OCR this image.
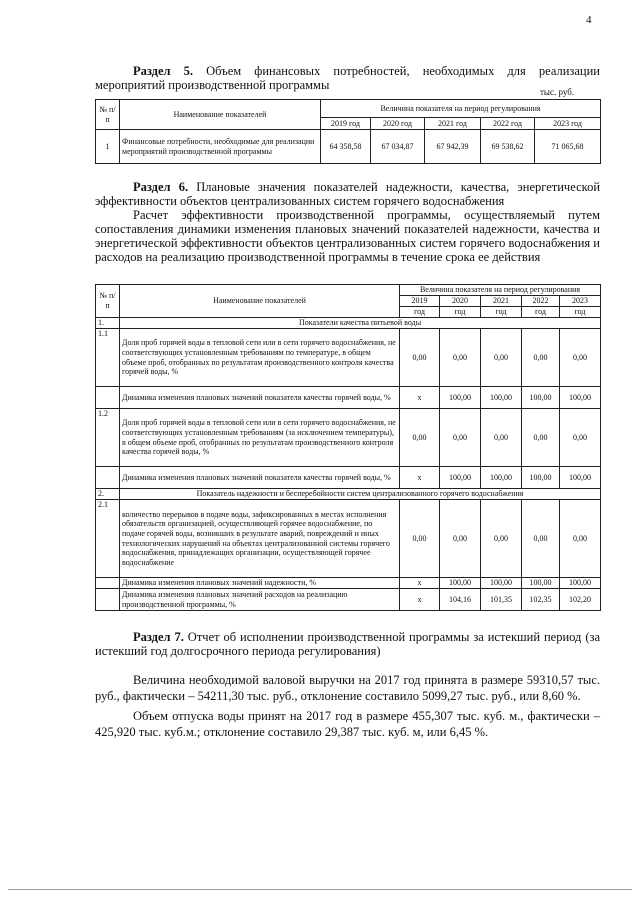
4

Раздел 5. Объем финансовых потребностей, необходимых для реализации мероприятий производственной программы	тыс. руб.
№ п/п	Наименование показателей	Величина показателя на период регулирования				
		2019 год	2020 год	2021 год	2022 год	2023 год
1	Финансовые потребности, необходимые для реализации мероприятий производственной программы	64 358,58	67 034,87	67 942,39	69 538,62	71 065,68

Раздел 6. Плановые значения показателей надежности, качества, энергетической эффективности объектов централизованных систем горячего водоснабжения

Расчет эффективности производственной программы, осуществляемый путем сопоставления динамики изменения плановых значений показателей надежности, качества и энергетической эффективности объектов централизованных систем горячего водоснабжения и расходов на реализацию производственной программы в течение срока ее действия

№ п/п	Наименование показателей	Величина показателя на период регулирования				
		2019	2020	2021	2022	2023
		год	год	год	год	год
1.	Показатели качества питьевой воды					
1.1	Доля проб горячей воды в тепловой сети или в сети горячего водоснабжения, не соответствующих установленным требованиям по температуре, в общем объеме проб, отобранных по результатам производственного контроля качества горячей воды, %	0,00	0,00	0,00	0,00	0,00
	Динамика изменения плановых значений показателя качества горячей воды, %	х	100,00	100,00	100,00	100,00
1.2	Доля проб горячей воды в тепловой сети или в сети горячего водоснабжения, не соответствующих установленным требованиям (за исключением температуры), в общем объеме проб, отобранных по результатам производственного контроля качества горячей воды, %	0,00	0,00	0,00	0,00	0,00
	Динамика изменения плановых значений показателя качества горячей воды, %	х	100,00	100,00	100,00	100,00
2.	Показатель надежности и бесперебойности систем централизованного горячего водоснабжения					
2.1	количество перерывов в подаче воды, зафиксированных в местах исполнения обязательств организацией, осуществляющей горячее водоснабжение, по подаче горячей воды, возникших в результате аварий, повреждений и иных технологических нарушений на объектах централизованной системы горячего водоснабжения, принадлежащих организации, осуществляющей горячее водоснабжение	0,00	0,00	0,00	0,00	0,00
	Динамика изменения плановых значений надежности, %	х	100,00	100,00	100,00	100,00
	Динамика изменения плановых значений расходов на реализацию производственной программы, %	х	104,16	101,35	102,35	102,20

Раздел 7. Отчет об исполнении производственной программы за истекший период (за истекший год долгосрочного периода регулирования)

Величина необходимой валовой выручки на 2017 год принята в размере 59310,57 тыс. руб., фактически – 54211,30 тыс. руб., отклонение составило 5099,27 тыс. руб., или 8,60 %.

Объем отпуска воды принят на 2017 год в размере 455,307 тыс. куб. м., фактически – 425,920 тыс. куб.м.; отклонение составило 29,387 тыс. куб. м, или 6,45 %.
